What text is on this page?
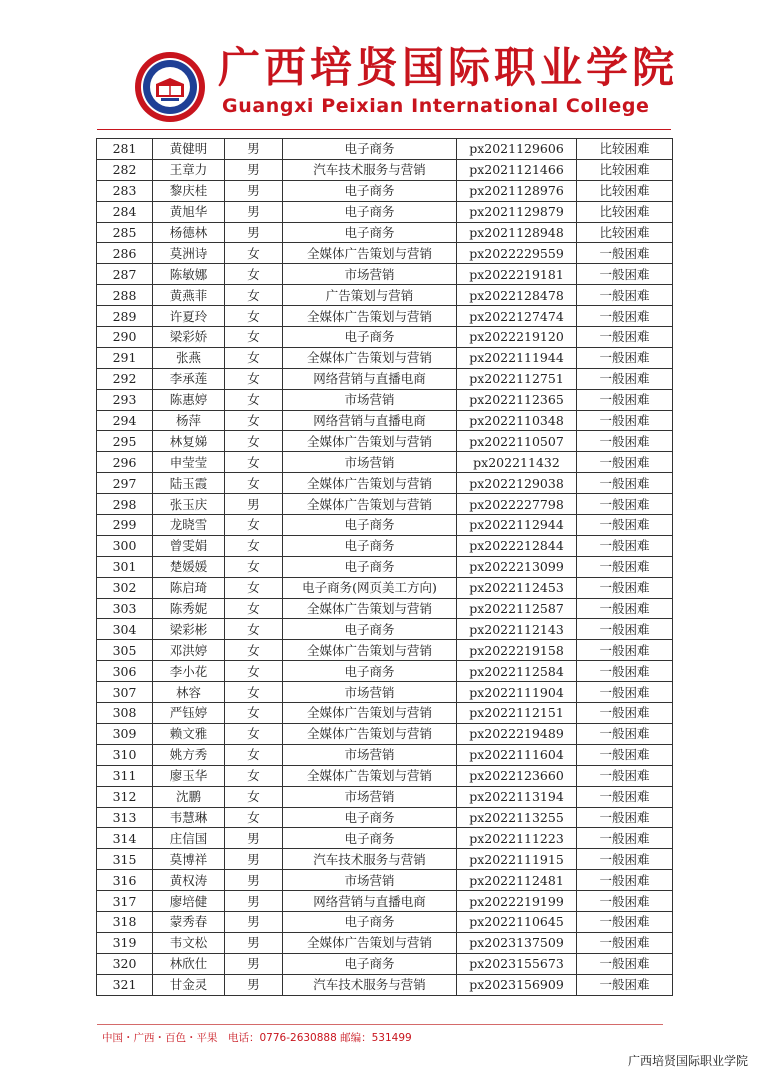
广西培贤国际职业学院
Guangxi Peixian International College
281	黄健明	男	电子商务	px2021129606	比较困难
282	王章力	男	汽车技术服务与营销	px2021121466	比较困难
283	黎庆桂	男	电子商务	px2021128976	比较困难
284	黄旭华	男	电子商务	px2021129879	比较困难
285	杨德林	男	电子商务	px2021128948	比较困难
286	莫洲诗	女	全媒体广告策划与营销	px2022229559	一般困难
287	陈敏娜	女	市场营销	px2022219181	一般困难
288	黄燕菲	女	广告策划与营销	px2022128478	一般困难
289	许夏玲	女	全媒体广告策划与营销	px2022127474	一般困难
290	梁彩娇	女	电子商务	px2022219120	一般困难
291	张燕	女	全媒体广告策划与营销	px2022111944	一般困难
292	李承莲	女	网络营销与直播电商	px2022112751	一般困难
293	陈惠婷	女	市场营销	px2022112365	一般困难
294	杨萍	女	网络营销与直播电商	px2022110348	一般困难
295	林复娣	女	全媒体广告策划与营销	px2022110507	一般困难
296	申莹莹	女	市场营销	px202211432	一般困难
297	陆玉霞	女	全媒体广告策划与营销	px2022129038	一般困难
298	张玉庆	男	全媒体广告策划与营销	px2022227798	一般困难
299	龙晓雪	女	电子商务	px2022112944	一般困难
300	曾雯娟	女	电子商务	px2022212844	一般困难
301	楚媛媛	女	电子商务	px2022213099	一般困难
302	陈启琦	女	电子商务(网页美工方向)	px2022112453	一般困难
303	陈秀妮	女	全媒体广告策划与营销	px2022112587	一般困难
304	梁彩彬	女	电子商务	px2022112143	一般困难
305	邓洪婷	女	全媒体广告策划与营销	px2022219158	一般困难
306	李小花	女	电子商务	px2022112584	一般困难
307	林容	女	市场营销	px2022111904	一般困难
308	严钰婷	女	全媒体广告策划与营销	px2022112151	一般困难
309	赖文雅	女	全媒体广告策划与营销	px2022219489	一般困难
310	姚方秀	女	市场营销	px2022111604	一般困难
311	廖玉华	女	全媒体广告策划与营销	px2022123660	一般困难
312	沈鹏	女	市场营销	px2022113194	一般困难
313	韦慧琳	女	电子商务	px2022113255	一般困难
314	庄信国	男	电子商务	px2022111223	一般困难
315	莫博祥	男	汽车技术服务与营销	px2022111915	一般困难
316	黄权涛	男	市场营销	px2022112481	一般困难
317	廖培健	男	网络营销与直播电商	px2022219199	一般困难
318	蒙秀春	男	电子商务	px2022110645	一般困难
319	韦文松	男	全媒体广告策划与营销	px2023137509	一般困难
320	林欣仕	男	电子商务	px2023155673	一般困难
321	甘金灵	男	汽车技术服务与营销	px2023156909	一般困难
中国・广西・百色・平果　电话：0776-2630888 邮编：531499
广西培贤国际职业学院
